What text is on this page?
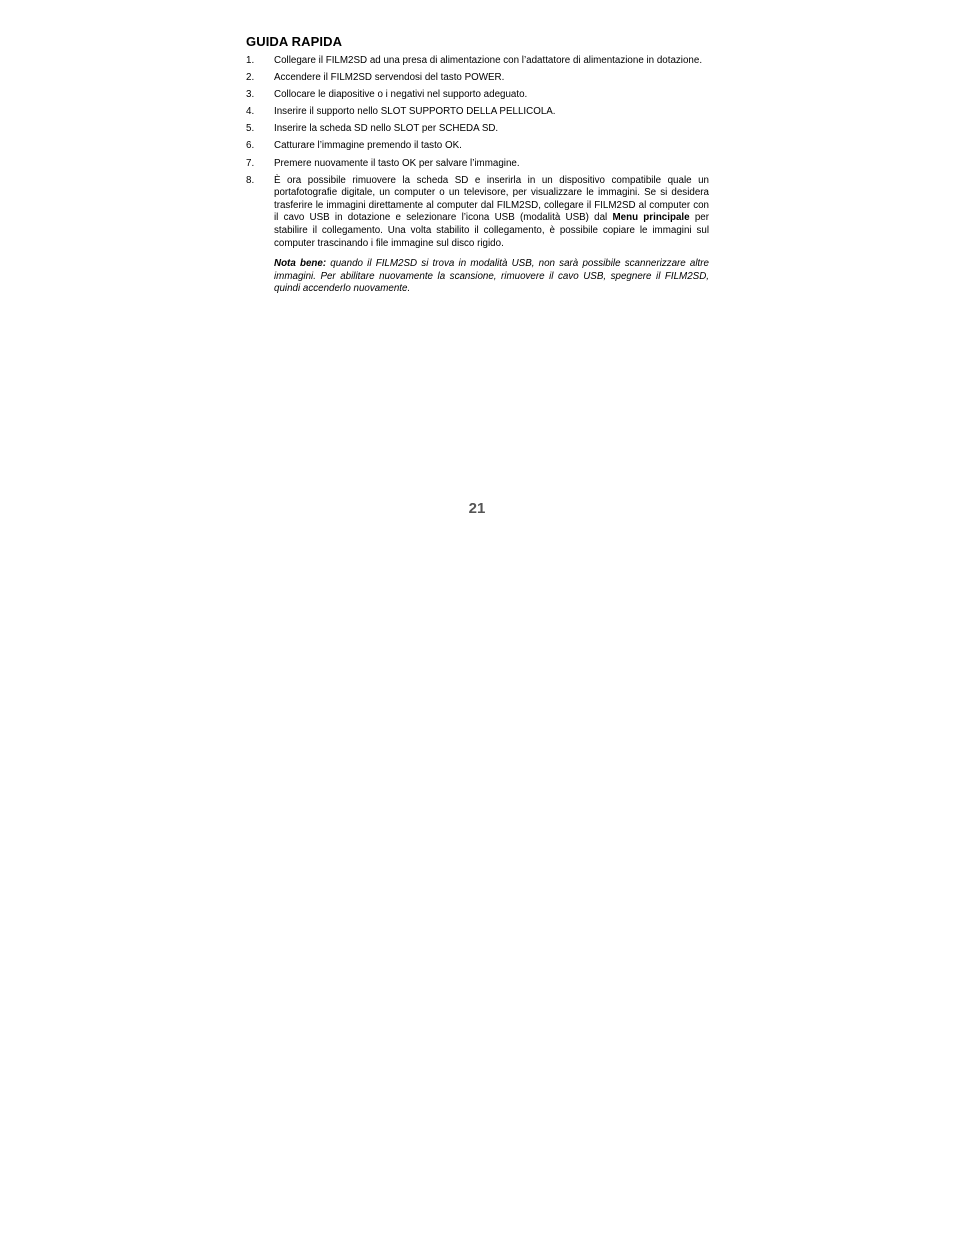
GUIDA RAPIDA
1.	Collegare il FILM2SD ad una presa di alimentazione con l’adattatore di alimentazione in dotazione.
2.	Accendere il FILM2SD servendosi del tasto POWER.
3.	Collocare le diapositive o i negativi nel supporto adeguato.
4.	Inserire il supporto nello SLOT SUPPORTO DELLA PELLICOLA.
5.	Inserire la scheda SD nello SLOT per SCHEDA SD.
6.	Catturare l’immagine premendo il tasto OK.
7.	Premere nuovamente il tasto OK per salvare l’immagine.
8.	È ora possibile rimuovere la scheda SD e inserirla in un dispositivo compatibile quale un portafotografie digitale, un computer o un televisore, per visualizzare le immagini. Se si desidera trasferire le immagini direttamente al computer dal FILM2SD, collegare il FILM2SD al computer con il cavo USB in dotazione e selezionare l’icona USB (modalità USB) dal Menu principale per stabilire il collegamento. Una volta stabilito il collegamento, è possibile copiare le immagini sul computer trascinando i file immagine sul disco rigido.

Nota bene: quando il FILM2SD si trova in modalità USB, non sarà possibile scannerizzare altre immagini. Per abilitare nuovamente la scansione, rimuovere il cavo USB, spegnere il FILM2SD, quindi accenderlo nuovamente.

21
